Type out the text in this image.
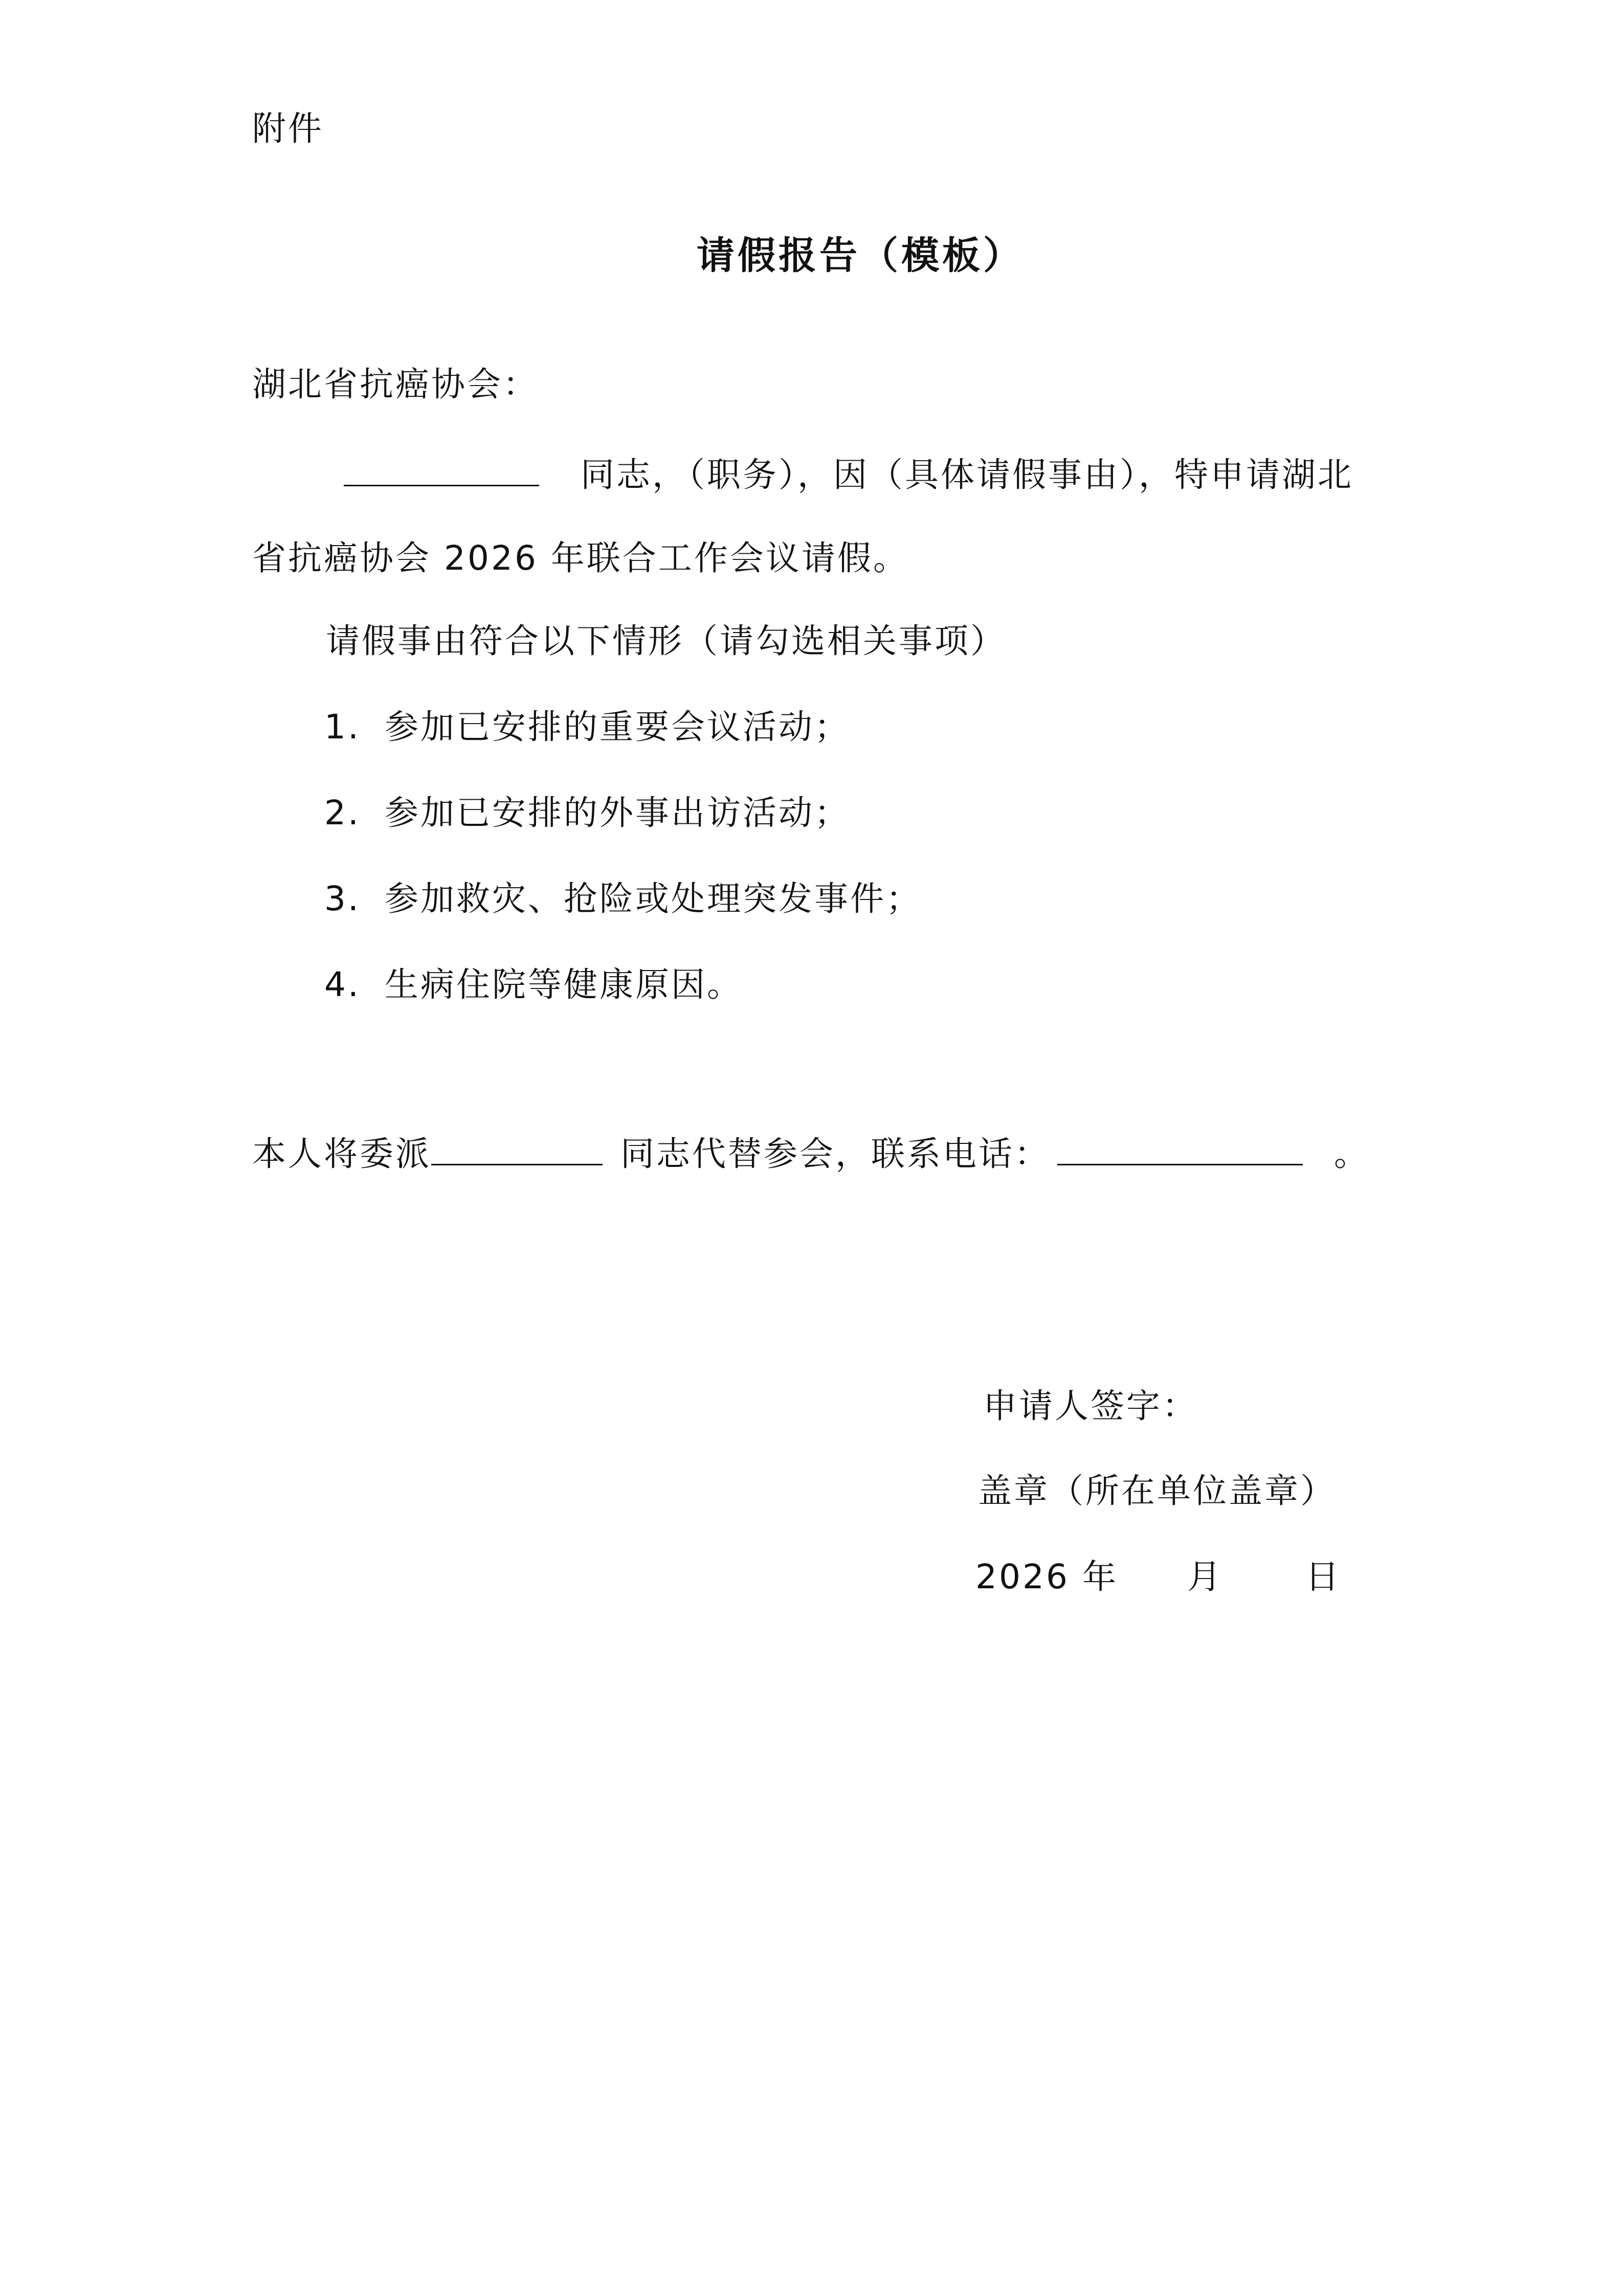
附件
请假报告（模板）
湖北省抗癌协会：
同志，（职务），因（具体请假事由），特申请湖北
省抗癌协会 2026 年联合工作会议请假。
请假事由符合以下情形（请勾选相关事项）
1. 参加已安排的重要会议活动；
2. 参加已安排的外事出访活动；
3. 参加救灾、抢险或处理突发事件；
4. 生病住院等健康原因。
本人将委派	同志代替参会，联系电话：	。
申请人签字：
盖章（所在单位盖章）
2026 年 月 日
